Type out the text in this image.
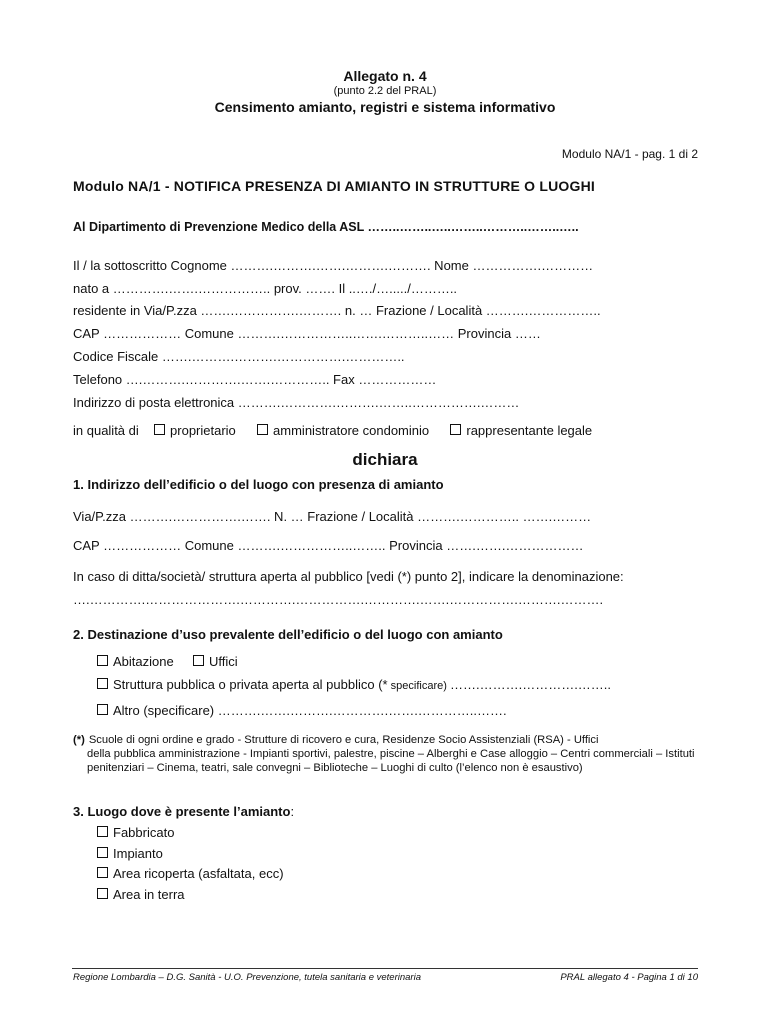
Allegato n. 4
(punto 2.2 del PRAL)
Censimento amianto, registri e sistema informativo
Modulo NA/1 - pag. 1 di 2
Modulo NA/1 - NOTIFICA PRESENZA DI AMIANTO IN STRUTTURE O LUOGHI
Al Dipartimento di Prevenzione Medico della ASL ……..……..…..……..………..……..…..
Il / la sottoscritto Cognome ……….……….…….……….………. Nome …………….…………
nato a ………….…….…………….. prov. ……. Il ..…./…...../………..
residente in Via/P.zza …….…………….………. n. … Frazione / Località ……….……………..
CAP ……………… Comune ……….……………..…….………..…… Provincia ……
Codice Fiscale …….……….……….…………….…………..
Telefono ….……….………….…….………….. Fax ………………
Indirizzo di posta elettronica ……….………….……….……..…………….………
in qualità di proprietario	amministratore condominio	rappresentante legale
dichiara
1. Indirizzo dell’edificio o del luogo con presenza di amianto
Via/P.zza ……….…………….……. N. … Frazione / Località ……….………….. …….………
CAP ……………… Comune ……….……………..…….. Provincia …….…….………………
In caso di ditta/società/ struttura aperta al pubblico [vedi (*) punto 2], indicare la denominazione:
….………….………………….………….…………….………….…….…………….……….……….
2. Destinazione d’uso prevalente dell’edificio o del luogo con amianto
Abitazione	Uffici
Struttura pubblica o privata aperta al pubblico (* specificare) …….……….………….……..
Altro (specificare) ……….…….……….………….…….…………..…….
(*) Scuole di ogni ordine e grado - Strutture di ricovero e cura, Residenze Socio Assistenziali (RSA) - Uffici
della pubblica amministrazione - Impianti sportivi, palestre, piscine – Alberghi e Case alloggio – Centri commerciali – Istituti penitenziari – Cinema, teatri, sale convegni – Biblioteche – Luoghi di culto (l’elenco non è esaustivo)
3. Luogo dove è presente l’amianto:
Fabbricato
Impianto
Area ricoperta (asfaltata, ecc)
Area in terra
Regione Lombardia – D.G. Sanità - U.O. Prevenzione, tutela sanitaria e veterinaria	PRAL allegato 4 - Pagina 1 di 10
